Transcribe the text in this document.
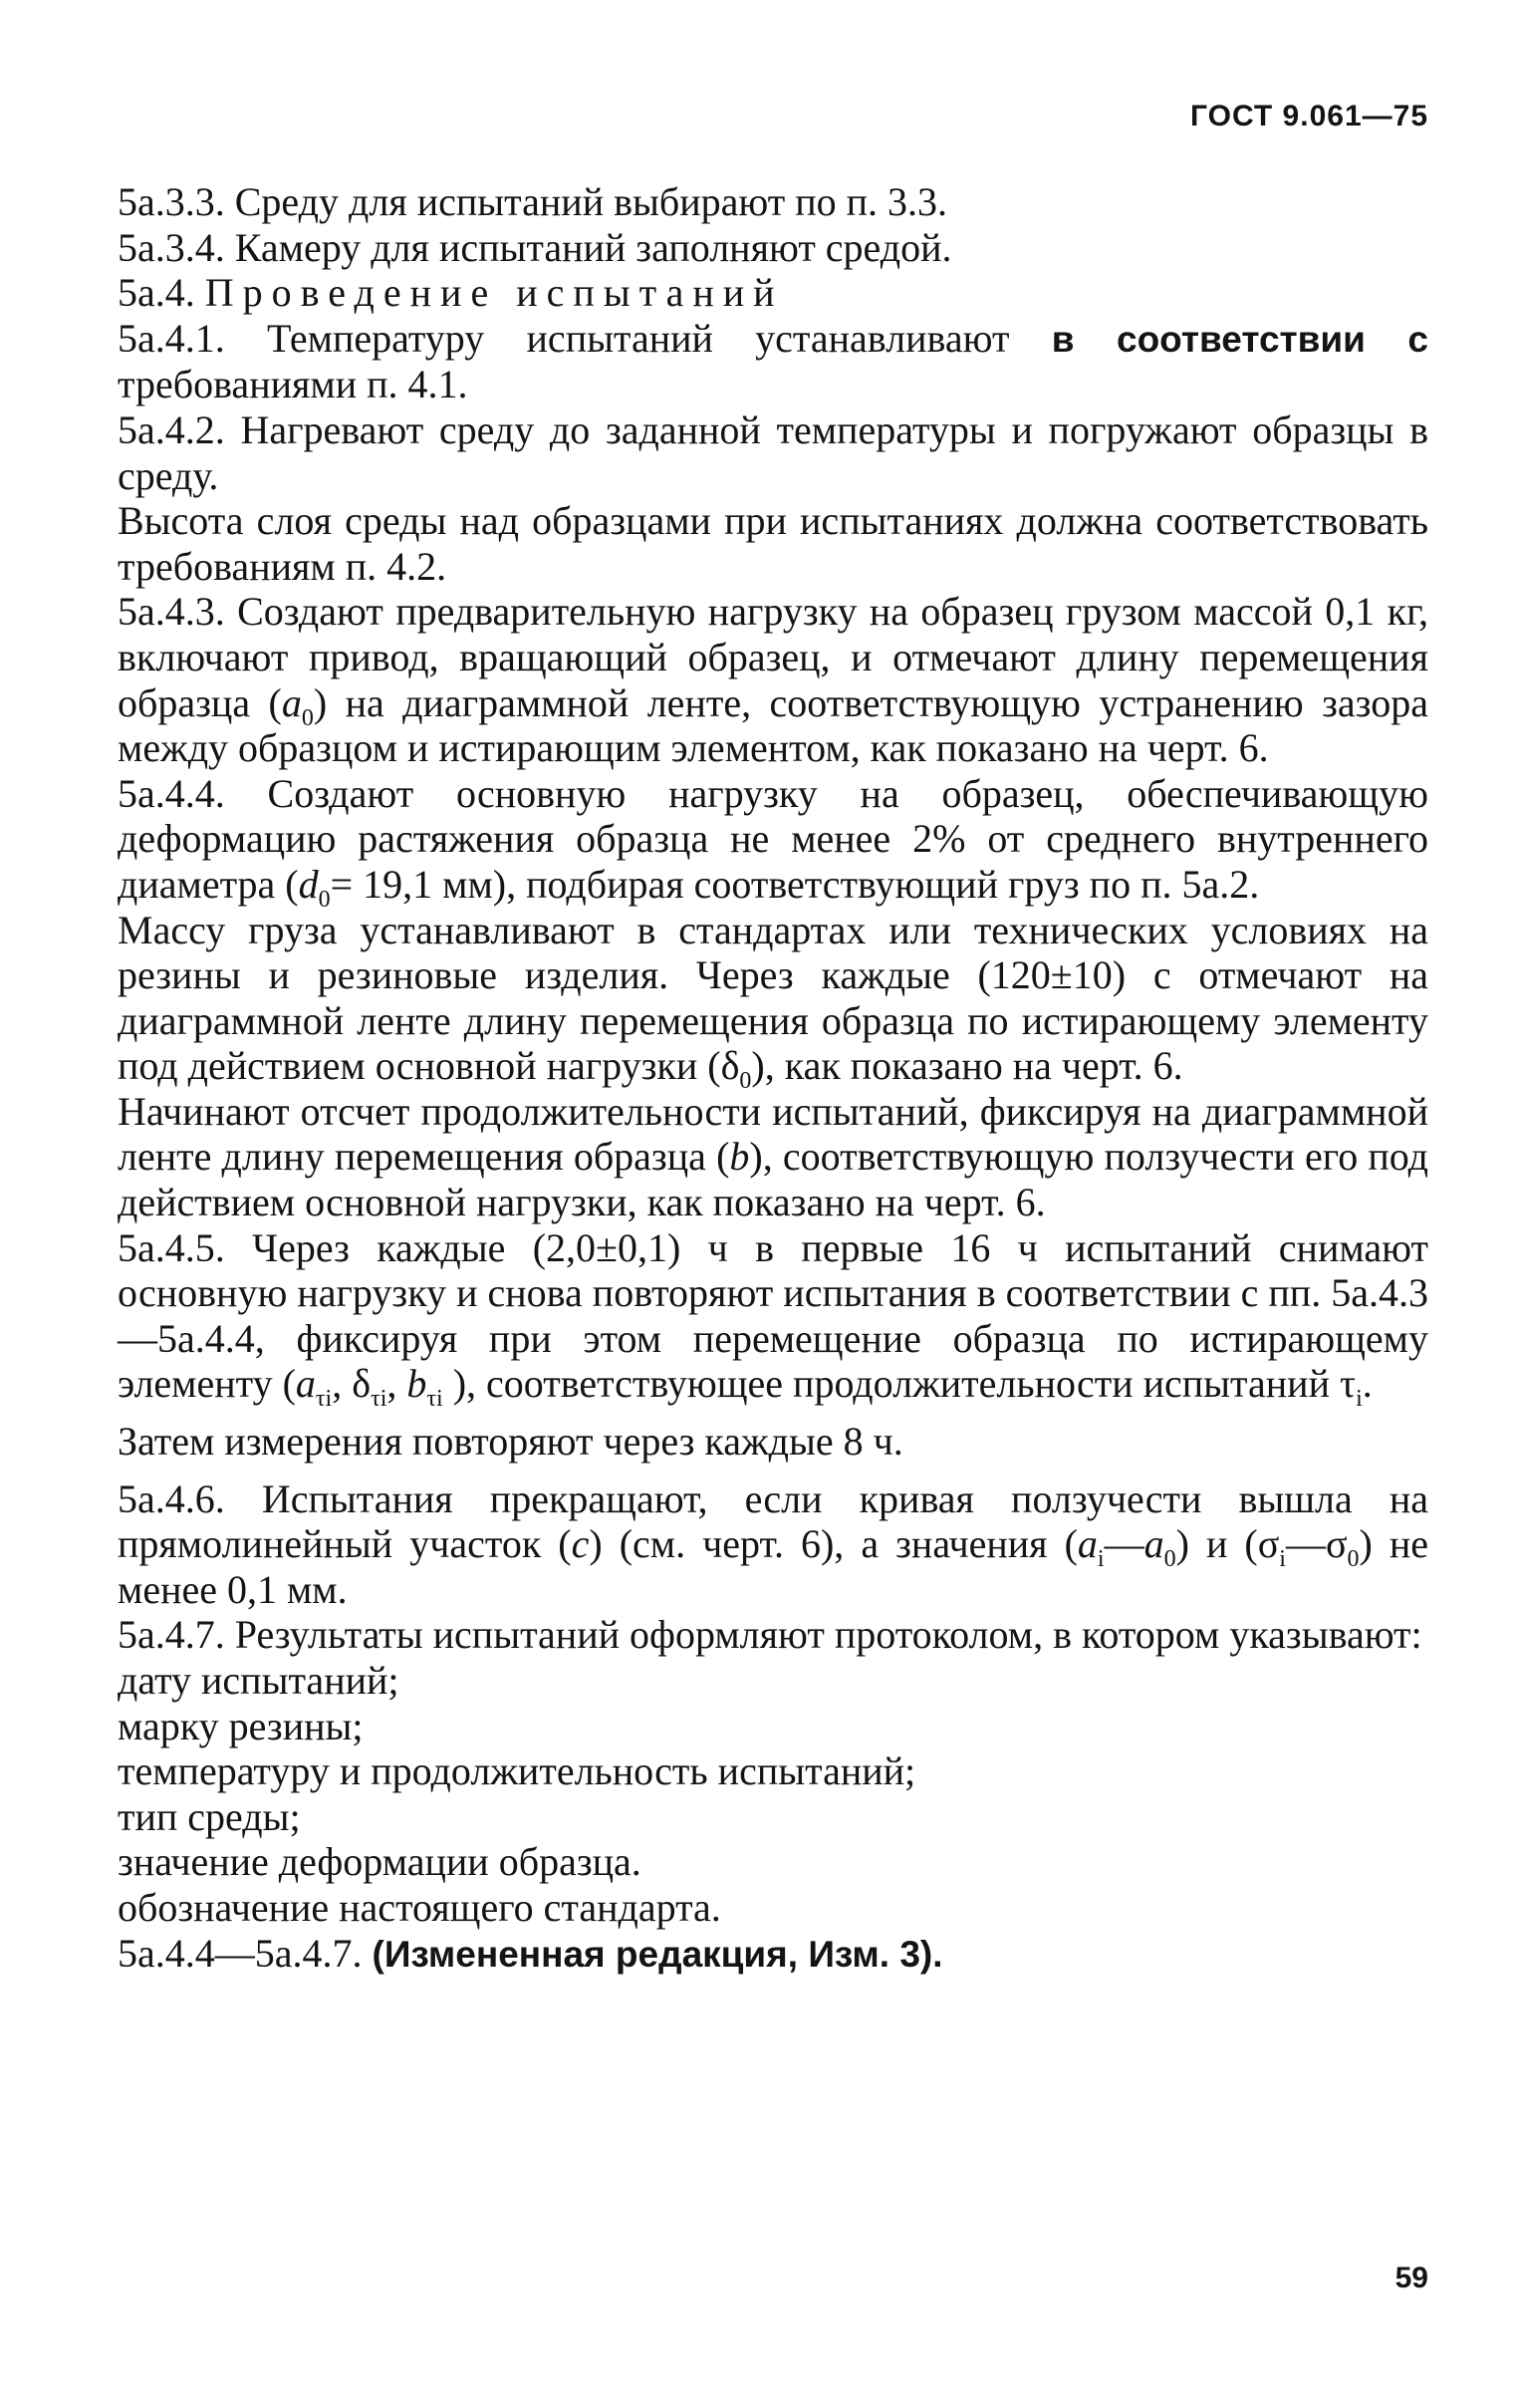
ГОСТ 9.061—75

5а.3.3. Среду для испытаний выбирают по п. 3.3.

5а.3.4. Камеру для испытаний заполняют средой.

5а.4. Проведение испытаний

5а.4.1. Температуру испытаний устанавливают в соответствии с требованиями п. 4.1.

5а.4.2. Нагревают среду до заданной температуры и погружают образцы в среду.

Высота слоя среды над образцами при испытаниях должна соответствовать требованиям п. 4.2.

5а.4.3. Создают предварительную нагрузку на образец грузом массой 0,1 кг, включают привод, вращающий образец, и отмечают длину перемещения образца $(a_0)$ на диаграммной ленте, соответствующую устранению зазора между образцом и истирающим элементом, как показано на черт. 6.

5а.4.4. Создают основную нагрузку на образец, обеспечивающую деформацию растяжения образца не менее 2% от среднего внутреннего диаметра ($d_0= 19,1$ мм), подбирая соответствующий груз по п. 5а.2.

Массу груза устанавливают в стандартах или технических условиях на резины и резиновые изделия. Через каждые (120±10) с отмечают на диаграммной ленте длину перемещения образца по истирающему элементу под действием основной нагрузки $(\delta_0)$, как показано на черт. 6.

Начинают отсчет продолжительности испытаний, фиксируя на диаграммной ленте длину перемещения образца (b), соответствующую ползучести его под действием основной нагрузки, как показано на черт. 6.

5а.4.5. Через каждые (2,0±0,1) ч в первые 16 ч испытаний снимают основную нагрузку и снова повторяют испытания в соответствии с пп. 5а.4.3—5а.4.4, фиксируя при этом перемещение образца по истирающему элементу ($a_{\tau i}$, $\delta_{\tau i}$, $b_{\tau i}$ ), соответствующее продолжительности испытаний $\tau_i$.

Затем измерения повторяют через каждые 8 ч.

5а.4.6. Испытания прекращают, если кривая ползучести вышла на прямолинейный участок (c) (см. черт. 6), а значения $(a_i—a_0)$ и $(\sigma_i—\sigma_0)$ не менее 0,1 мм.

5а.4.7. Результаты испытаний оформляют протоколом, в котором указывают:

дату испытаний;

марку резины;

температуру и продолжительность испытаний;

тип среды;

значение деформации образца.

обозначение настоящего стандарта.

5а.4.4—5а.4.7. (Измененная редакция, Изм. 3).

59
